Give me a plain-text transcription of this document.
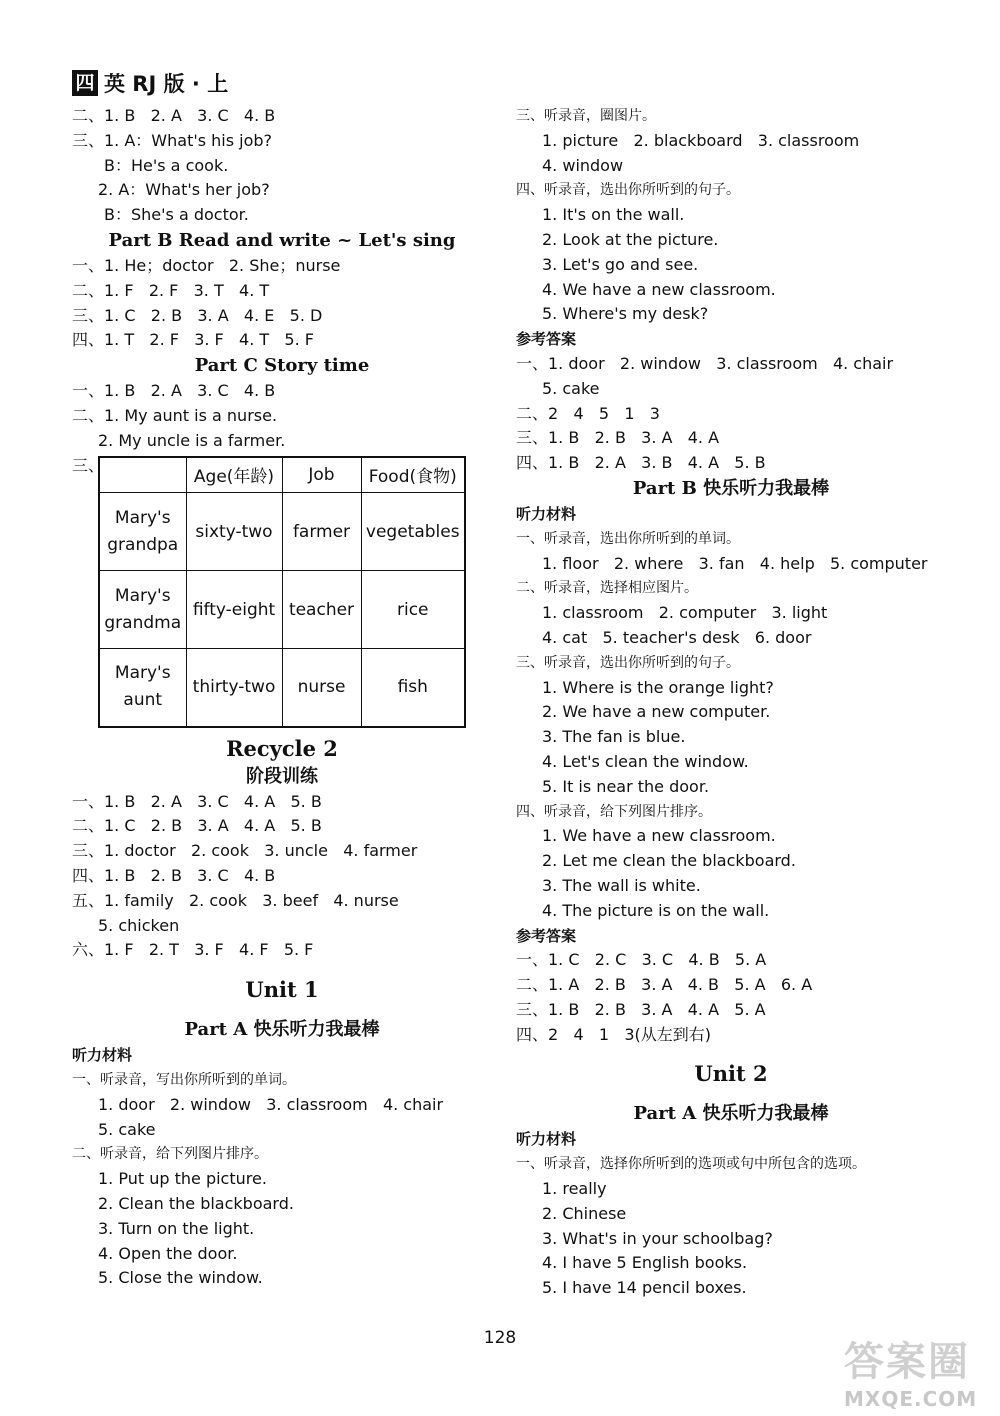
四 英 RJ 版 · 上
二、1. B   2. A   3. C   4. B
三、1. A：What's his job?
B：He's a cook.
2. A：What's her job?
B：She's a doctor.
Part B Read and write ~ Let's sing
一、1. He；doctor   2. She；nurse
二、1. F   2. F   3. T   4. T
三、1. C   2. B   3. A   4. E   5. D
四、1. T   2. F   3. F   4. T   5. F
Part C Story time
一、1. B   2. A   3. C   4. B
二、1. My aunt is a nurse.
2. My uncle is a farmer.
三、
	Age(年龄)	Job	Food(食物)
Mary's
grandpa	sixty-two	farmer	vegetables
Mary's
grandma	fifty-eight	teacher	rice
Mary's
aunt	thirty-two	nurse	fish
Recycle 2
阶段训练
一、1. B   2. A   3. C   4. A   5. B
二、1. C   2. B   3. A   4. A   5. B
三、1. doctor   2. cook   3. uncle   4. farmer
四、1. B   2. B   3. C   4. B
五、1. family   2. cook   3. beef   4. nurse
5. chicken
六、1. F   2. T   3. F   4. F   5. F
Unit 1
Part A 快乐听力我最棒
听力材料
一、听录音，写出你所听到的单词。
1. door   2. window   3. classroom   4. chair
5. cake
二、听录音，给下列图片排序。
1. Put up the picture.
2. Clean the blackboard.
3. Turn on the light.
4. Open the door.
5. Close the window.
三、听录音，圈图片。
1. picture   2. blackboard   3. classroom
4. window
四、听录音，选出你所听到的句子。
1. It's on the wall.
2. Look at the picture.
3. Let's go and see.
4. We have a new classroom.
5. Where's my desk?
参考答案
一、1. door   2. window   3. classroom   4. chair
5. cake
二、2   4   5   1   3
三、1. B   2. B   3. A   4. A
四、1. B   2. A   3. B   4. A   5. B
Part B 快乐听力我最棒
听力材料
一、听录音，选出你所听到的单词。
1. floor   2. where   3. fan   4. help   5. computer
二、听录音，选择相应图片。
1. classroom   2. computer   3. light
4. cat   5. teacher's desk   6. door
三、听录音，选出你所听到的句子。
1. Where is the orange light?
2. We have a new computer.
3. The fan is blue.
4. Let's clean the window.
5. It is near the door.
四、听录音，给下列图片排序。
1. We have a new classroom.
2. Let me clean the blackboard.
3. The wall is white.
4. The picture is on the wall.
参考答案
一、1. C   2. C   3. C   4. B   5. A
二、1. A   2. B   3. A   4. B   5. A   6. A
三、1. B   2. B   3. A   4. A   5. A
四、2   4   1   3(从左到右)
Unit 2
Part A 快乐听力我最棒
听力材料
一、听录音，选择你所听到的选项或句中所包含的选项。
1. really
2. Chinese
3. What's in your schoolbag?
4. I have 5 English books.
5. I have 14 pencil boxes.
128
答案圈
MXQE.COM
